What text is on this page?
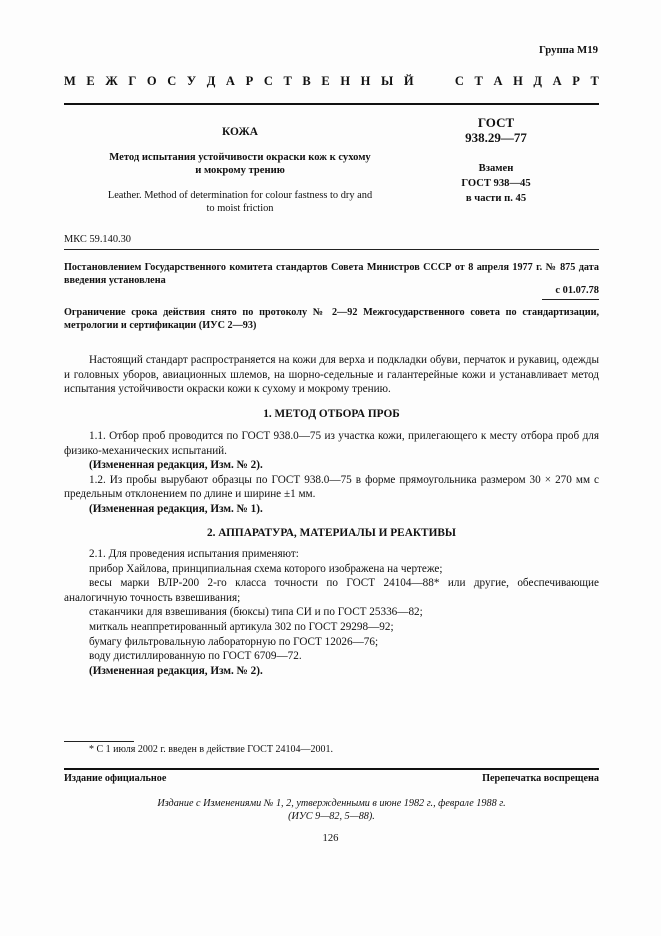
Группа М19
М Е Ж Г О С У Д А Р С Т В Е Н Н Ы Й	С Т А Н Д А Р Т
КОЖА
Метод испытания устойчивости окраски кож к сухому
и мокрому трению
Leather. Method of determination for colour fastness to dry and
to moist friction
ГОСТ
938.29—77
Взамен
ГОСТ 938—45
в части п. 45
МКС 59.140.30
Постановлением Государственного комитета стандартов Совета Министров СССР от 8 апреля 1977 г. № 875 дата введения установлена
с 01.07.78
Ограничение срока действия снято по протоколу № 2—92 Межгосударственного совета по стандартизации, метрологии и сертификации (ИУС 2—93)

Настоящий стандарт распространяется на кожи для верха и подкладки обуви, перчаток и рукавиц, одежды и головных уборов, авиационных шлемов, на шорно-седельные и галантерейные кожи и устанавливает метод испытания устойчивости окраски кожи к сухому и мокрому трению.

1. МЕТОД ОТБОРА ПРОБ

1.1. Отбор проб проводится по ГОСТ 938.0—75 из участка кожи, прилегающего к месту отбора проб для физико-механических испытаний.

(Измененная редакция, Изм. № 2).

1.2. Из пробы вырубают образцы по ГОСТ 938.0—75 в форме прямоугольника размером 30 × 270 мм с предельным отклонением по длине и ширине ±1 мм.

(Измененная редакция, Изм. № 1).

2. АППАРАТУРА, МАТЕРИАЛЫ И РЕАКТИВЫ

2.1. Для проведения испытания применяют:

прибор Хайлова, принципиальная схема которого изображена на чертеже;

весы марки ВЛР-200 2-го класса точности по ГОСТ 24104—88* или другие, обеспечивающие аналогичную точность взвешивания;

стаканчики для взвешивания (бюксы) типа СИ и по ГОСТ 25336—82;

миткаль неаппретированный артикула 302 по ГОСТ 29298—92;

бумагу фильтровальную лабораторную по ГОСТ 12026—76;

воду дистиллированную по ГОСТ 6709—72.

(Измененная редакция, Изм. № 2).

* С 1 июля 2002 г. введен в действие ГОСТ 24104—2001.
Издание официальное	Перепечатка воспрещена
Издание с Изменениями № 1, 2, утвержденными в июне 1982 г., феврале 1988 г.
(ИУС 9—82, 5—88).
126
